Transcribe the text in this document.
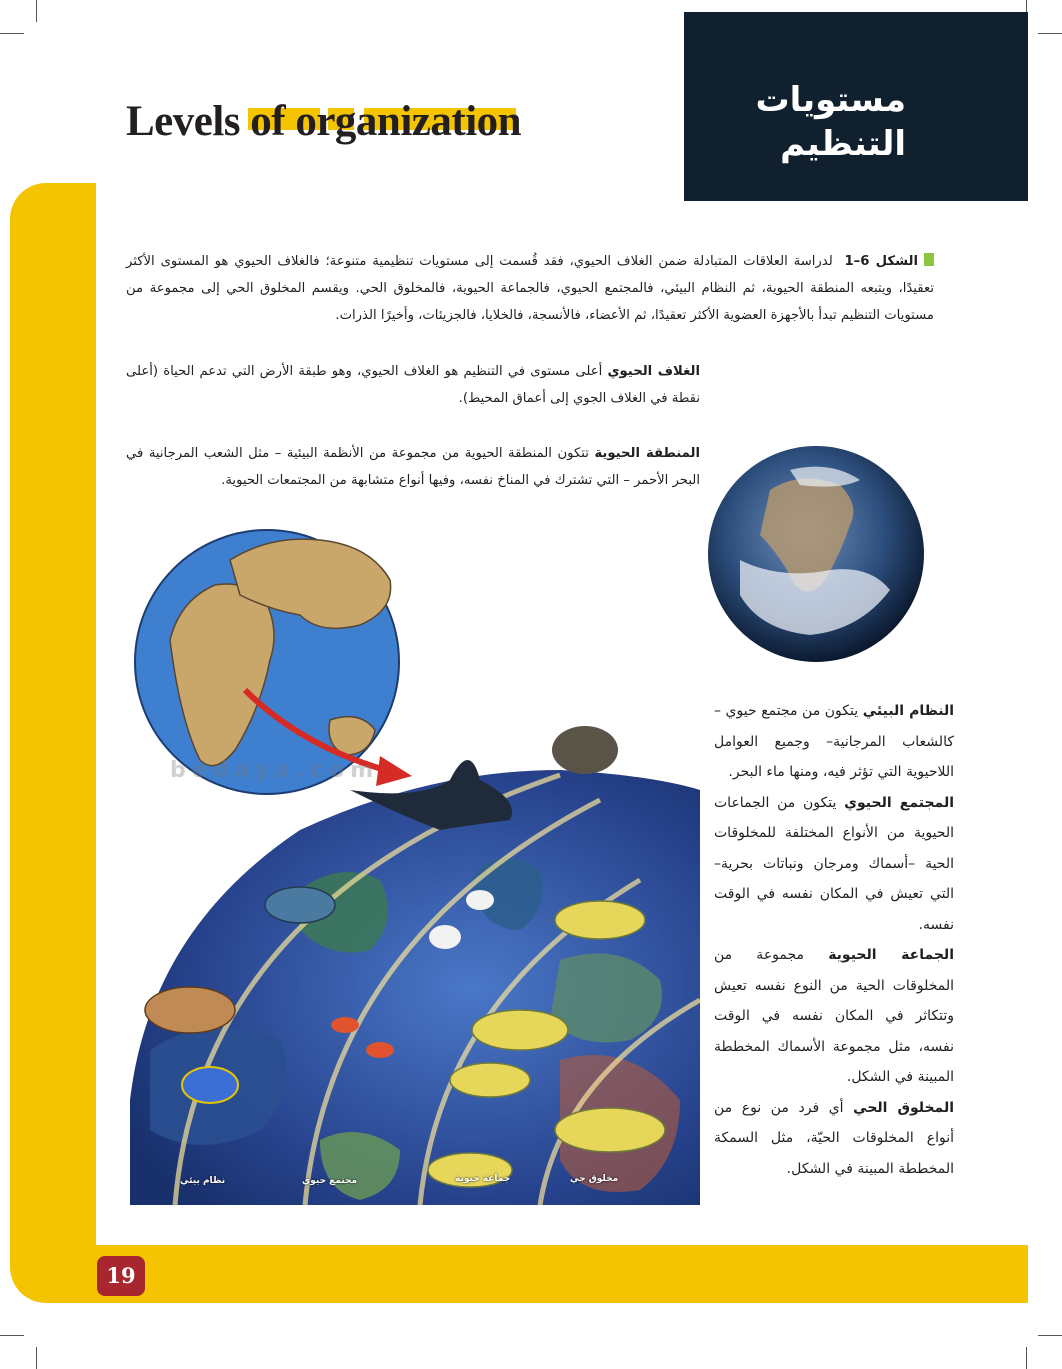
19
Levels of organization	مستويات
التنظيم
الشكل 6–1  لدراسة العلاقات المتبادلة ضمن الغلاف الحيوي، فقد قُسمت إلى مستويات تنظيمية متنوعة؛ فالغلاف الحيوي هو المستوى الأكثر تعقيدًا، ويتبعه المنطقة الحيوية، ثم النظام البيئي، فالمجتمع الحيوي، فالجماعة الحيوية، فالمخلوق الحي. ويقسم المخلوق الحي إلى مجموعة من مستويات التنظيم تبدأ بالأجهزة العضوية الأكثر تعقيدًا، ثم الأعضاء، فالأنسجة، فالخلايا، فالجزيئات، وأخيرًا الذرات.
الغلاف الحيوي أعلى مستوى في التنظيم هو الغلاف الحيوي، وهو طبقة الأرض التي تدعم الحياة (أعلى نقطة في الغلاف الجوي إلى أعماق المحيط).
المنطقة الحيوية تتكون المنطقة الحيوية من مجموعة من الأنظمة البيئية – مثل الشعب المرجانية في البحر الأحمر – التي تشترك في المناخ نفسه، وفيها أنواع متشابهة من المجتمعات الحيوية.
bedaya.com
نظام بيئي	مجتمع حيوي	جماعة حيوية	مخلوق حي

النظام البيئي يتكون من مجتمع حيوي –كالشعاب المرجانية– وجميع العوامل اللاحيوية التي تؤثر فيه، ومنها ماء البحر.

المجتمع الحيوي يتكون من الجماعات الحيوية من الأنواع المختلفة للمخلوقات الحية –أسماك ومرجان ونباتات بحرية– التي تعيش في المكان نفسه في الوقت نفسه.

الجماعة الحيوية مجموعة من المخلوقات الحية من النوع نفسه تعيش وتتكاثر في المكان نفسه في الوقت نفسه، مثل مجموعة الأسماك المخططة المبينة في الشكل.

المخلوق الحي أي فرد من نوع من أنواع المخلوقات الحيّة، مثل السمكة المخططة المبينة في الشكل.
